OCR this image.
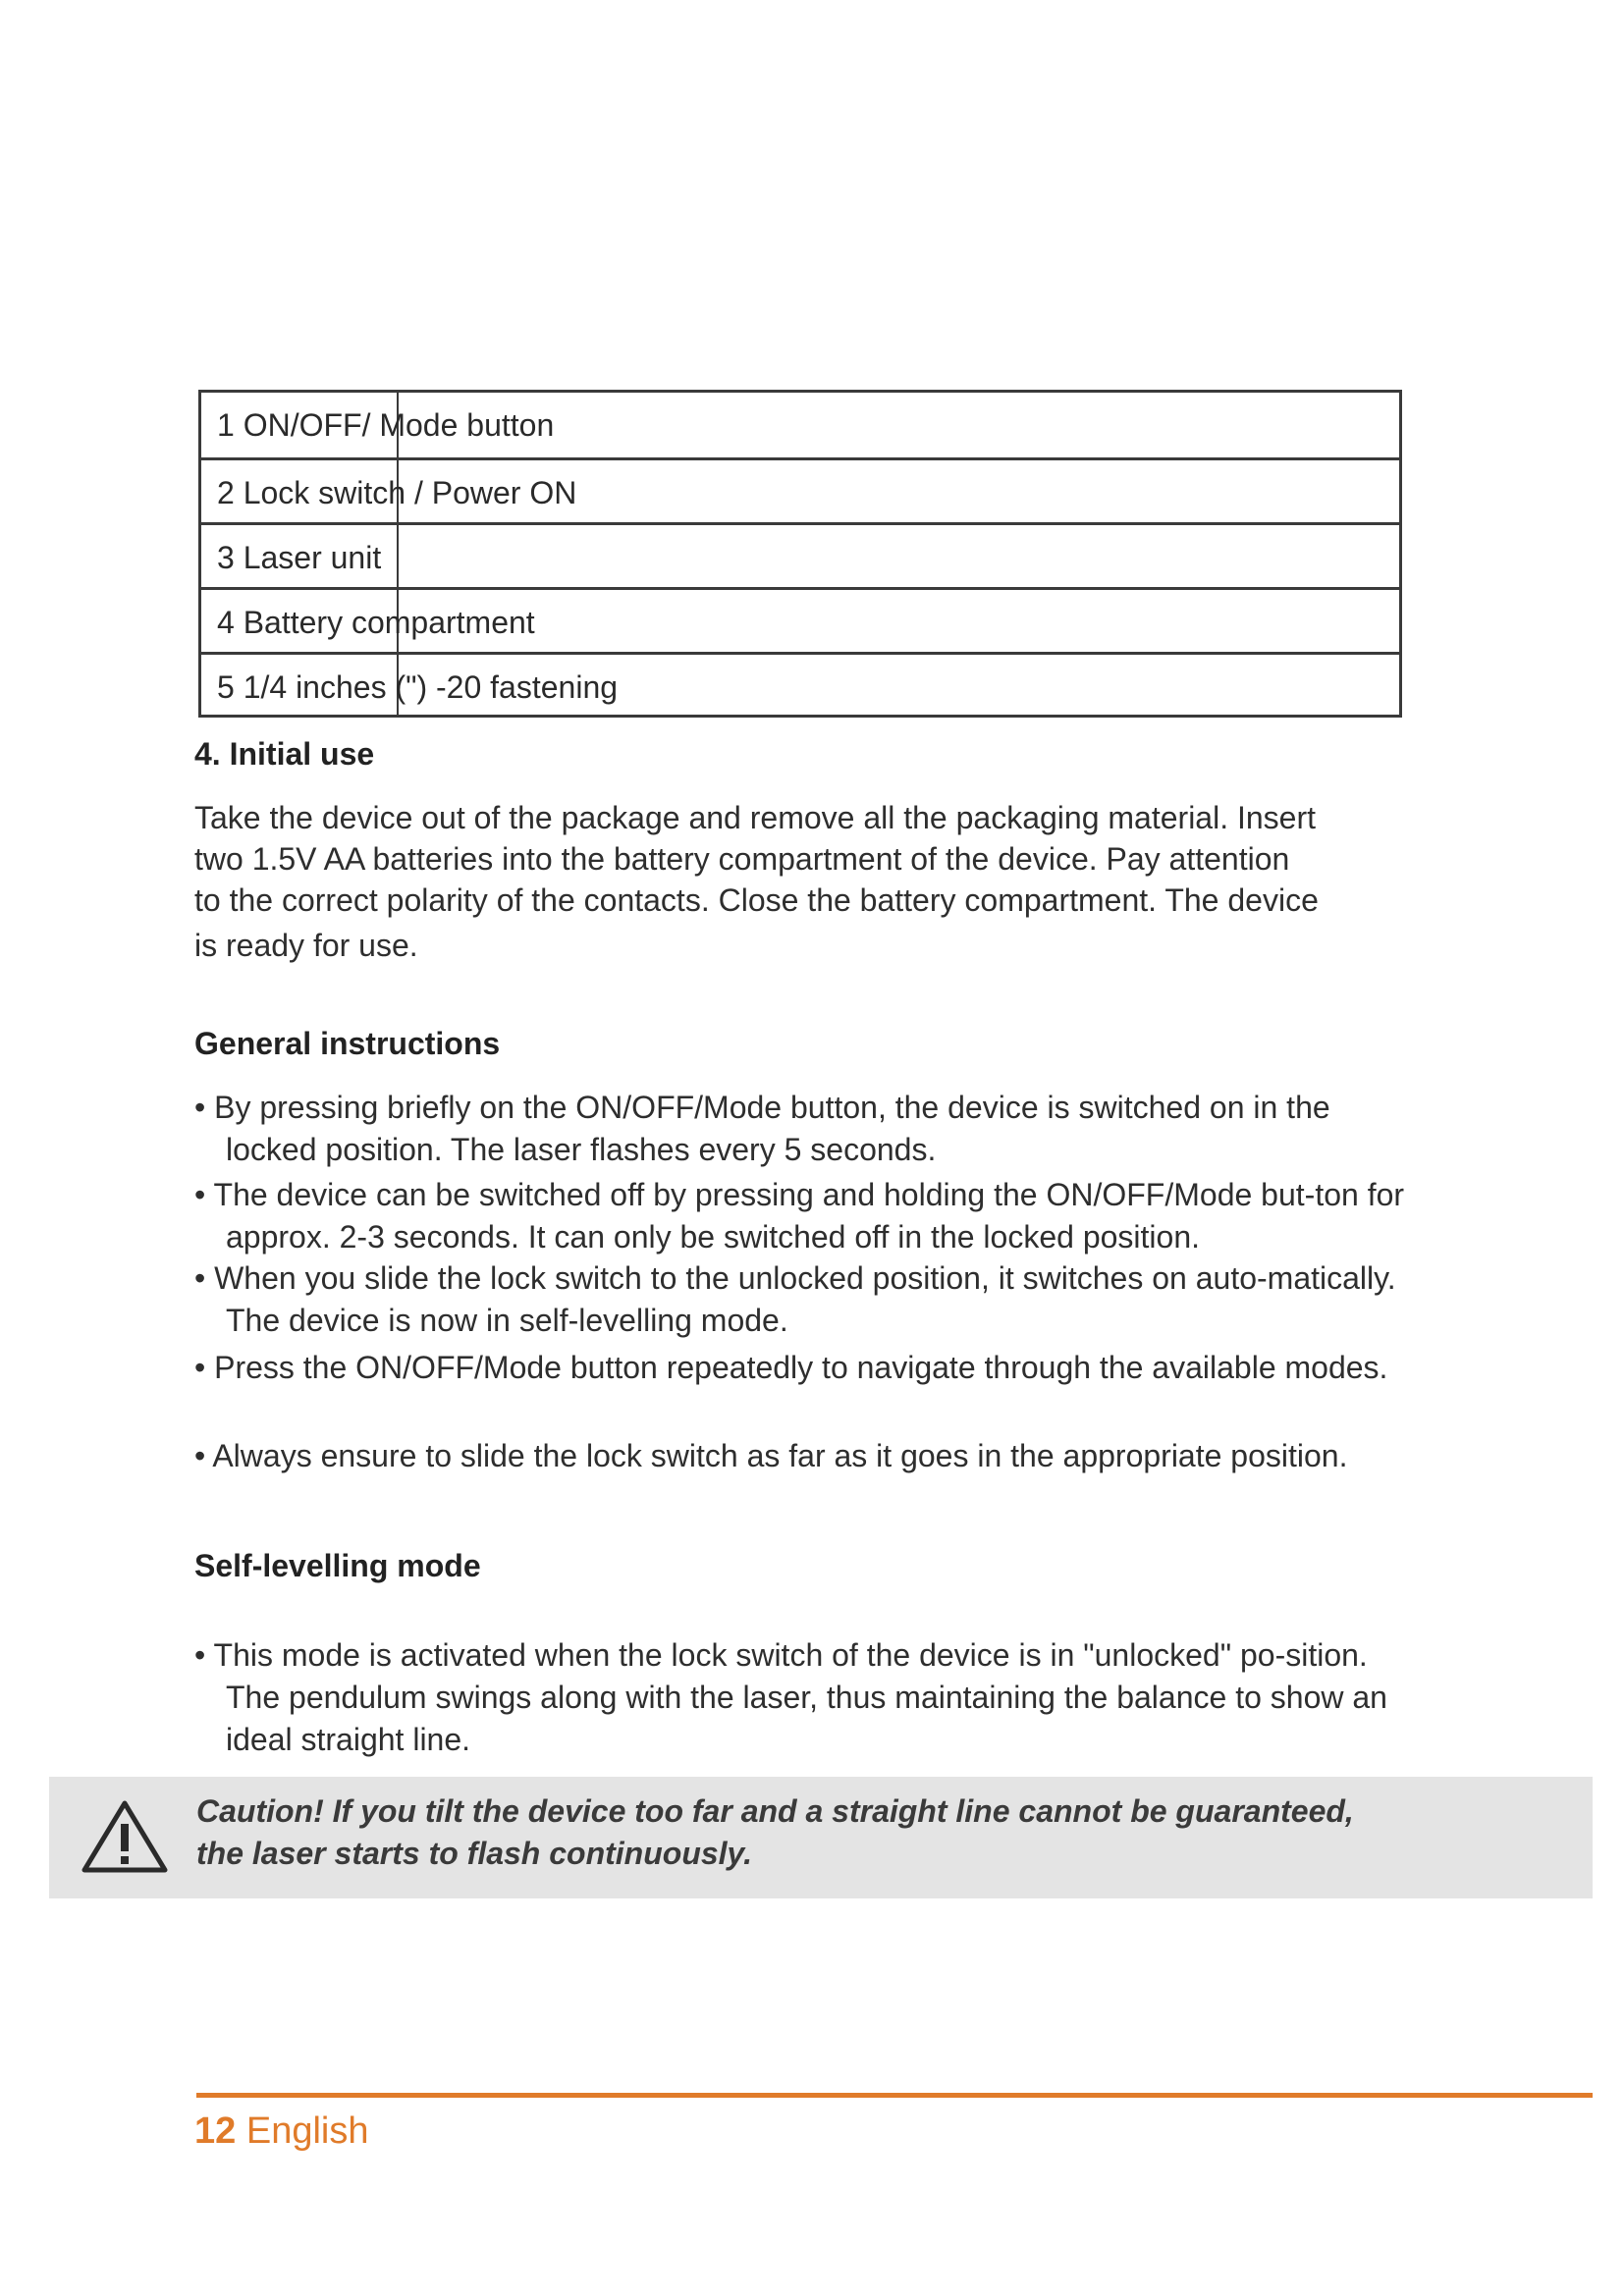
1 ON/OFF/ Mode button
2 Lock switch / Power ON
3 Laser unit
4 Battery compartment
5 1/4 inches (") -20 fastening
4. Initial use

Take the device out of the package and remove all the packaging material. Insert

two 1.5V AA batteries into the battery compartment of the device. Pay attention

to the correct polarity of the contacts. Close the battery compartment. The device

is ready for use.

General instructions

• By pressing briefly on the ON/OFF/Mode button, the device is switched on in the locked position. The laser flashes every 5 seconds.

• The device can be switched off by pressing and holding the ON/OFF/Mode but-ton for approx. 2-3 seconds. It can only be switched off in the locked position.

• When you slide the lock switch to the unlocked position, it switches on auto-matically. The device is now in self-levelling mode.

• Press the ON/OFF/Mode button repeatedly to navigate through the available modes.

• Always ensure to slide the lock switch as far as it goes in the appropriate position.

Self-levelling mode

• This mode is activated when the lock switch of the device is in "unlocked" po-sition. The pendulum swings along with the laser, thus maintaining the balance to show an ideal straight line.

Caution! If you tilt the device too far and a straight line cannot be guaranteed,
the laser starts to flash continuously.

12 English
